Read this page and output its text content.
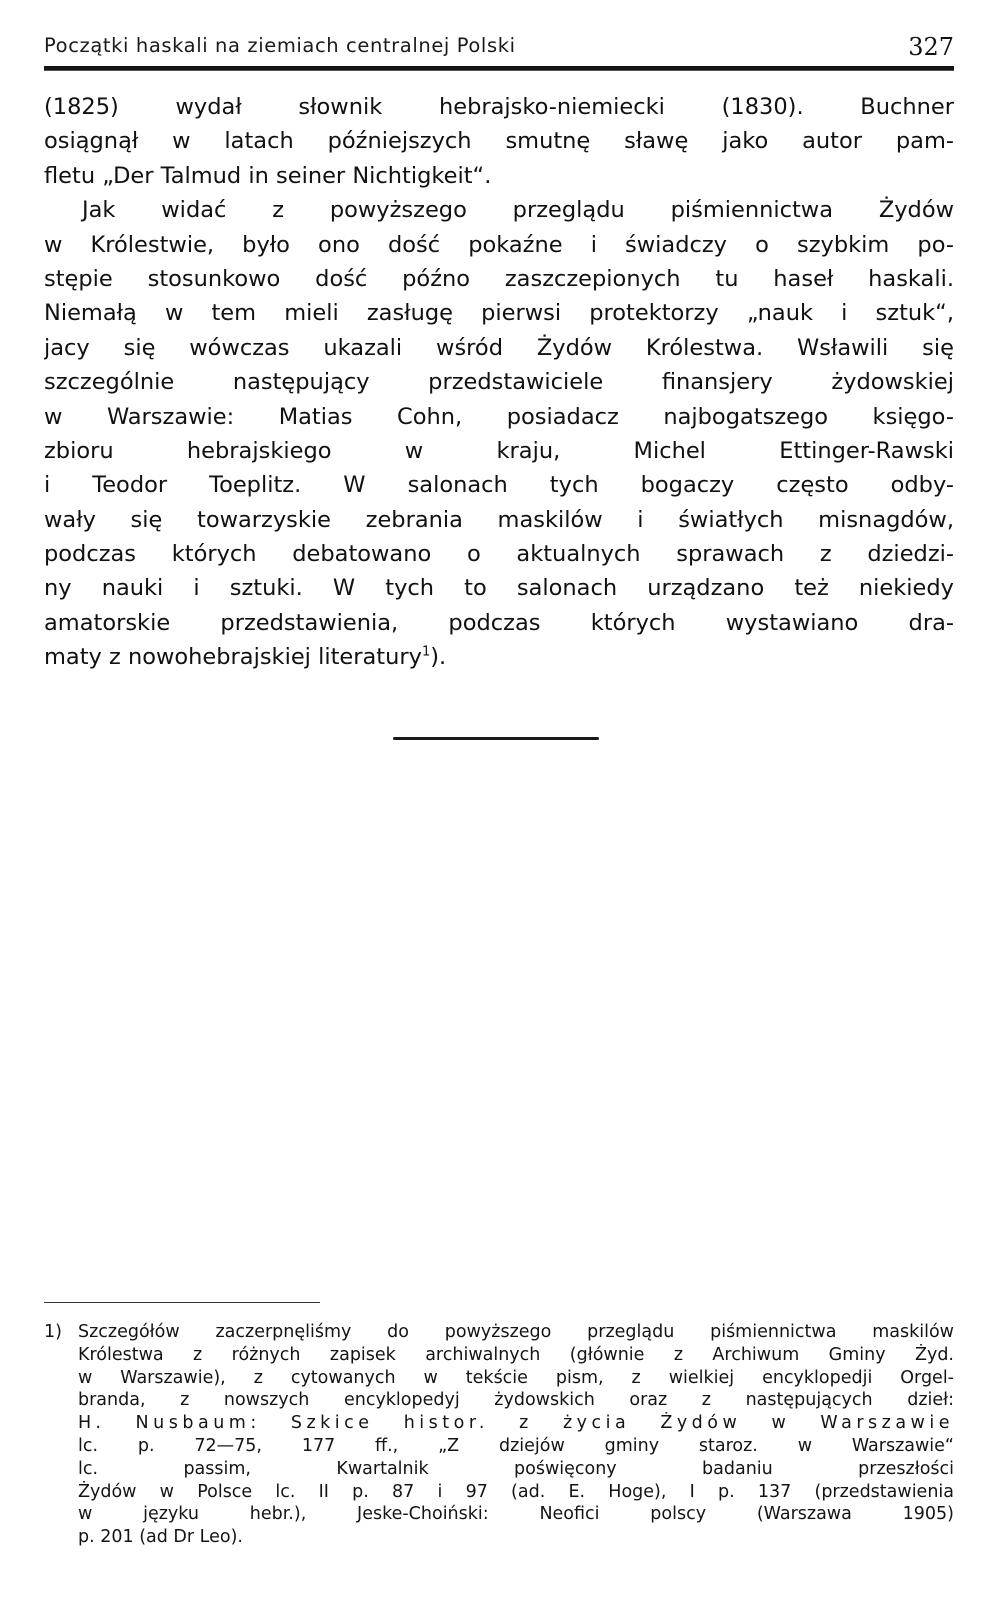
Początki haskali na ziemiach centralnej Polski	327
(1825) wydał słownik hebrajsko-niemiecki (1830). Buchner
osiągnął w latach późniejszych smutnę sławę jako autor pam-
fletu „Der Talmud in seiner Nichtigkeit“.
Jak widać z powyższego przeglądu piśmiennictwa Żydów
w Królestwie, było ono dość pokaźne i świadczy o szybkim po-
stępie stosunkowo dość późno zaszczepionych tu haseł haskali.
Niemałą w tem mieli zasługę pierwsi protektorzy „nauk i sztuk“,
jacy się wówczas ukazali wśród Żydów Królestwa. Wsławili się
szczególnie następujący przedstawiciele finansjery żydowskiej
w Warszawie: Matias Cohn, posiadacz najbogatszego księgo-
zbioru hebrajskiego w kraju, Michel Ettinger-Rawski
i Teodor Toeplitz. W salonach tych bogaczy często odby-
wały się towarzyskie zebrania maskilów i światłych misnagdów,
podczas których debatowano o aktualnych sprawach z dziedzi-
ny nauki i sztuki. W tych to salonach urządzano też niekiedy
amatorskie przedstawienia, podczas których wystawiano dra-
maty z nowohebrajskiej literatury$^1$).
1) Szczegółów zaczerpnęliśmy do powyższego przeglądu piśmiennictwa maskilów
Królestwa z różnych zapisek archiwalnych (głównie z Archiwum Gminy Żyd.
w Warszawie), z cytowanych w tekście pism, z wielkiej encyklopedji Orgel-
branda, z nowszych encyklopedyj żydowskich oraz z następujących dzieł:
H. Nusbaum: Szkice histor. z życia Żydów w Warszawie
lc. p. 72—75, 177 ff., „Z dziejów gminy staroz. w Warszawie“
lc. passim, Kwartalnik poświęcony badaniu przeszłości
Żydów w Polsce lc. II p. 87 i 97 (ad. E. Hoge), I p. 137 (przedstawienia
w języku hebr.), Jeske-Choiński: Neofici polscy (Warszawa 1905)
p. 201 (ad Dr Leo).
